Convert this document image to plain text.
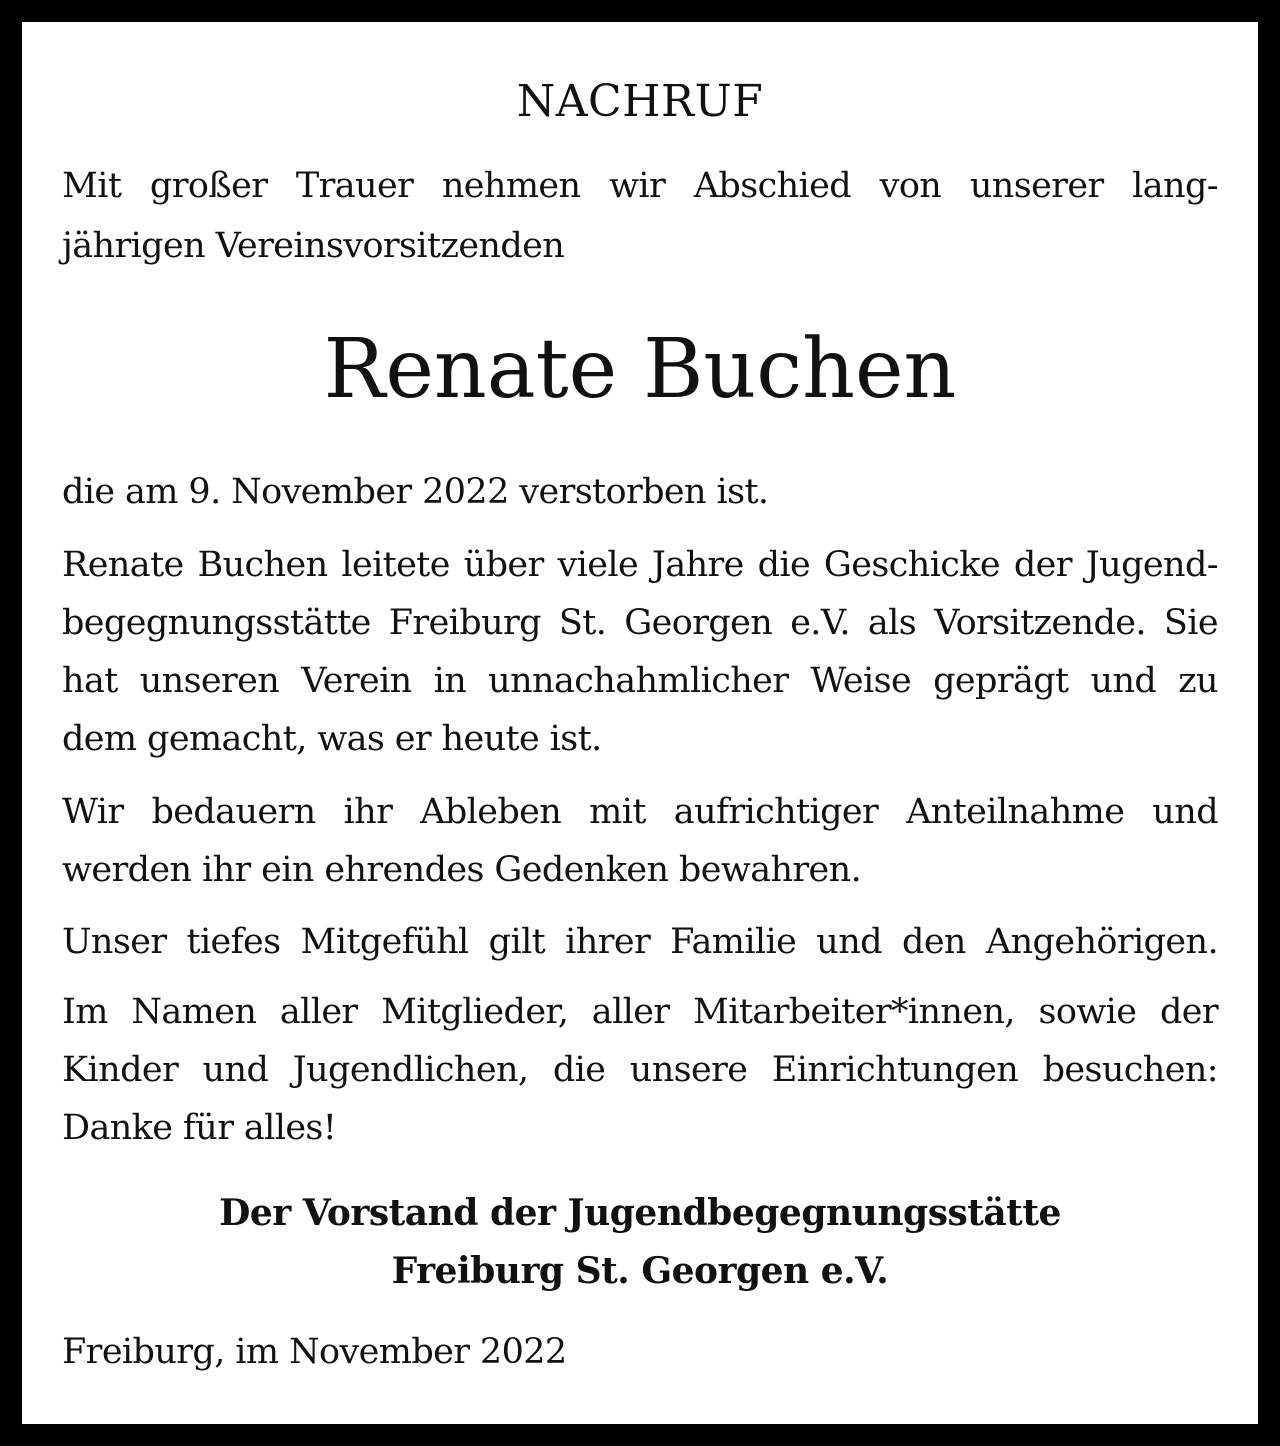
NACHRUF
Mit großer Trauer nehmen wir Abschied von unserer lang-
jährigen Vereinsvorsitzenden
Renate Buchen
die am 9. November 2022 verstorben ist.
Renate Buchen leitete über viele Jahre die Geschicke der Jugend-
begegnungsstätte Freiburg St. Georgen e.V. als Vorsitzende. Sie
hat unseren Verein in unnachahmlicher Weise geprägt und zu
dem gemacht, was er heute ist.
Wir bedauern ihr Ableben mit aufrichtiger Anteilnahme und
werden ihr ein ehrendes Gedenken bewahren.
Unser tiefes Mitgefühl gilt ihrer Familie und den Angehörigen.
Im Namen aller Mitglieder, aller Mitarbeiter*innen, sowie der
Kinder und Jugendlichen, die unsere Einrichtungen besuchen:
Danke für alles!
Der Vorstand der Jugendbegegnungsstätte
Freiburg St. Georgen e.V.
Freiburg, im November 2022
